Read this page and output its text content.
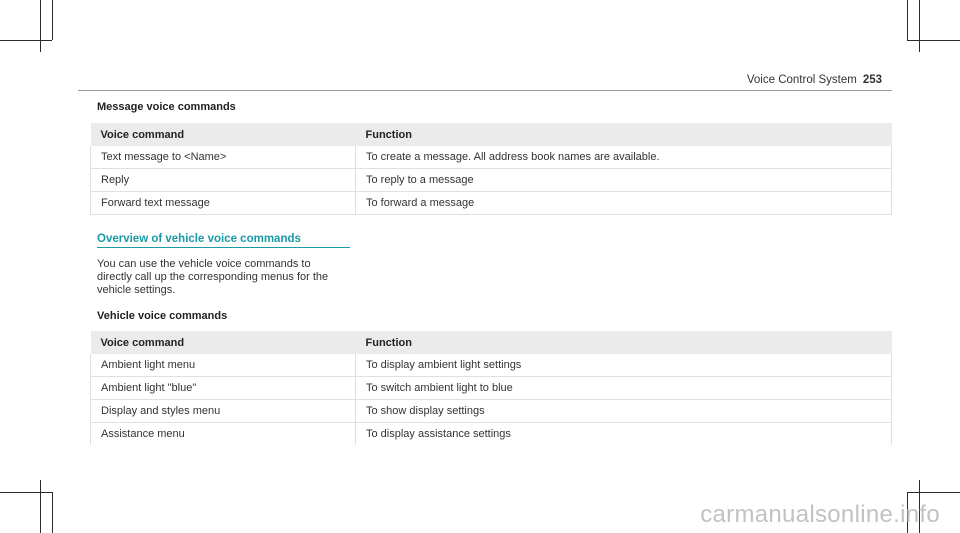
Voice Control System 253
Message voice commands
Voice command	Function
Text message to <Name>	To create a message. All address book names are available.
Reply	To reply to a message
Forward text message	To forward a message
Overview of vehicle voice commands
You can use the vehicle voice commands to
directly call up the corresponding menus for the
vehicle settings.
Vehicle voice commands
Voice command	Function
Ambient light menu	To display ambient light settings
Ambient light "blue"	To switch ambient light to blue
Display and styles menu	To show display settings
Assistance menu	To display assistance settings
carmanualsonline.info
